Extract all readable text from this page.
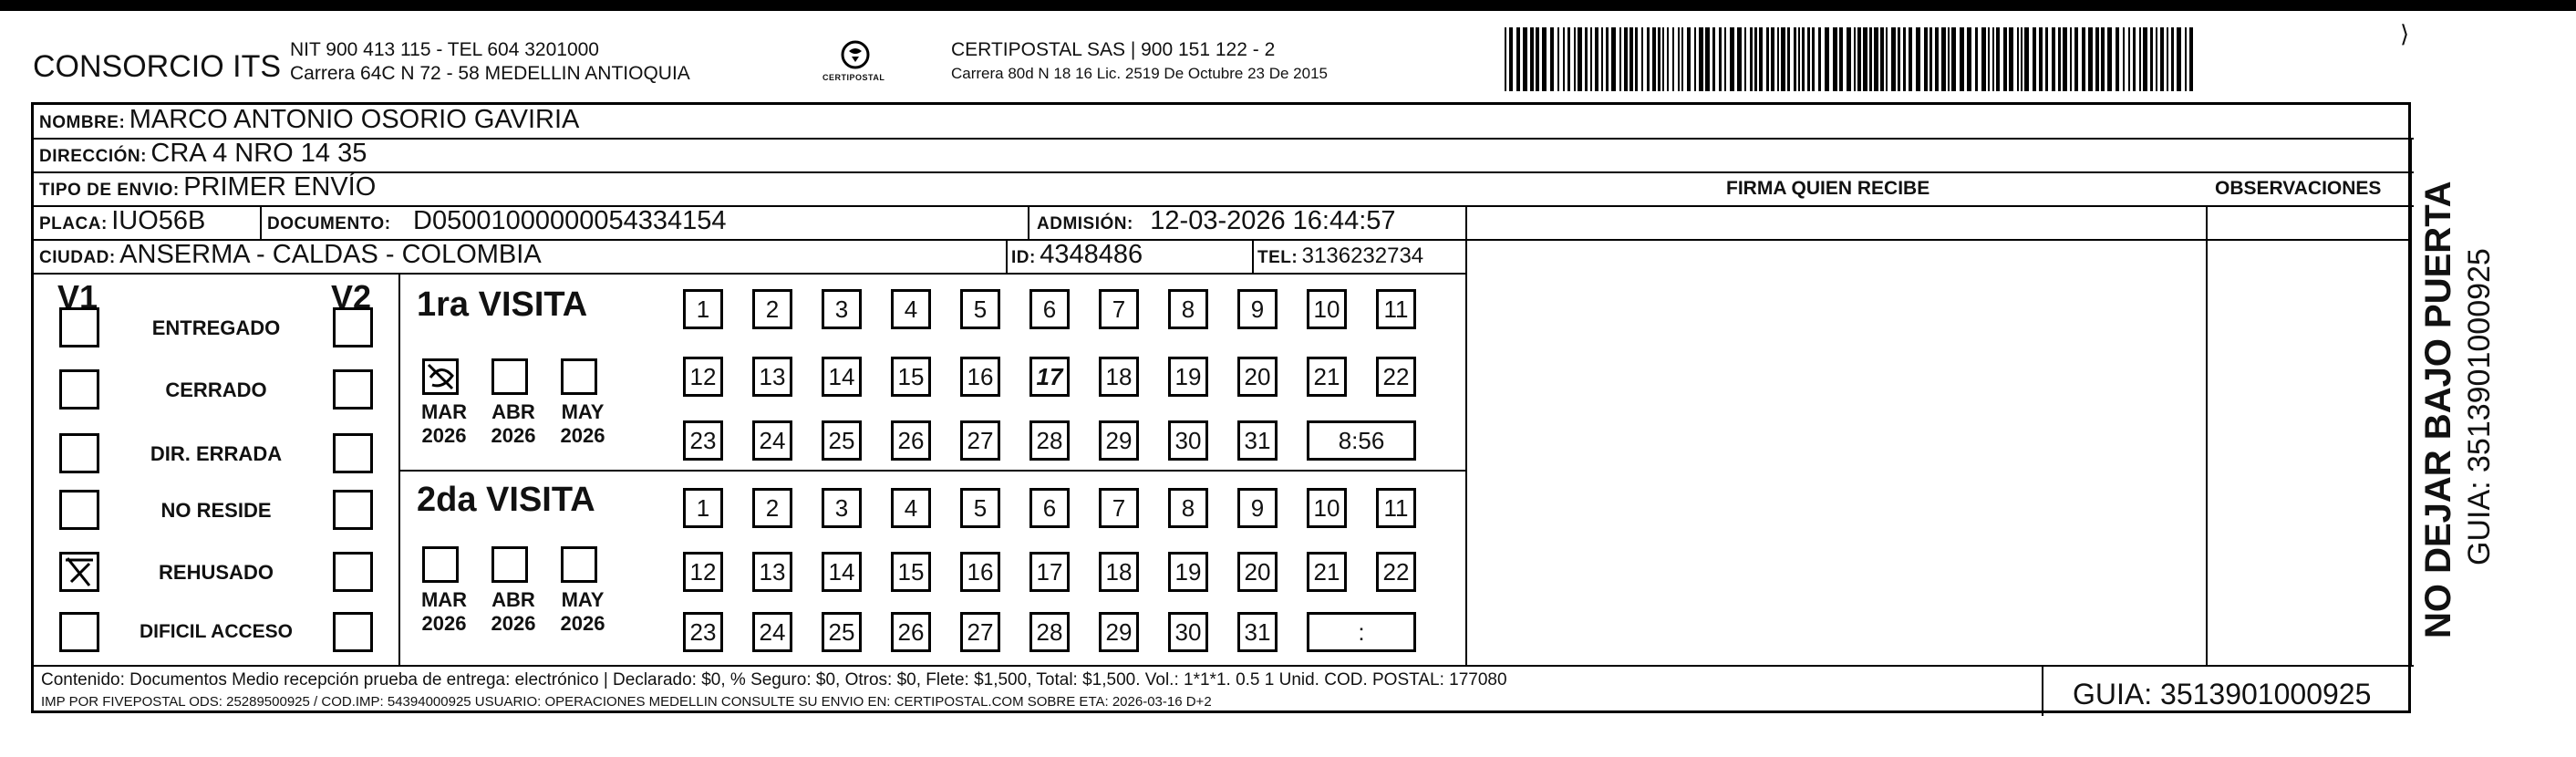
CONSORCIO ITS NIT 900 413 115 - TEL 604 3201000
Carrera 64C N 72 - 58 MEDELLIN ANTIOQUIA	CERTIPOSTAL
CERTIPOSTAL SAS | 900 151 122 - 2
Carrera 80d N 18 16 Lic. 2519 De Octubre 23 De 2015
⟩
NOMBRE: MARCO ANTONIO OSORIO GAVIRIA
DIRECCIÓN: CRA 4 NRO 14 35
TIPO DE ENVIO: PRIMER ENVÍO	FIRMA QUIEN RECIBE	OBSERVACIONES
PLACA: IUO56B	DOCUMENTO: D05001000000054334154	ADMISIÓN: 12-03-2026 16:44:57
CIUDAD: ANSERMA - CALDAS - COLOMBIA	ID: 4348486	TEL: 3136232734
V1	V2
ENTREGADO
CERRADO
DIR. ERRADA
NO RESIDE
REHUSADO
DIFICIL ACCESO
1ra VISITA
MAR
2026
ABR
2026
MAY
2026
1	2	3	4	5	6	7	8	9	10	11
12 13 14 15 16 17 18 19 20 21 22
23 24 25 26 27 28 29 30 31	8:56
2da VISITA
MAR
2026
ABR
2026
MAY
2026
1	2	3	4	5	6	7	8	9	10	11
12 13 14 15 16 17 18 19 20 21 22
23 24 25 26 27 28 29 30 31	:
Contenido: Documentos Medio recepción prueba de entrega: electrónico | Declarado: $0, % Seguro: $0, Otros: $0, Flete: $1,500, Total: $1,500. Vol.: 1*1*1. 0.5 1 Unid. COD. POSTAL: 177080
IMP POR FIVEPOSTAL ODS: 25289500925 / COD.IMP: 54394000925 USUARIO: OPERACIONES MEDELLIN CONSULTE SU ENVIO EN: CERTIPOSTAL.COM SOBRE ETA: 2026-03-16 D+2	GUIA: 3513901000925
NO DEJAR BAJO PUERTA GUIA: 3513901000925
